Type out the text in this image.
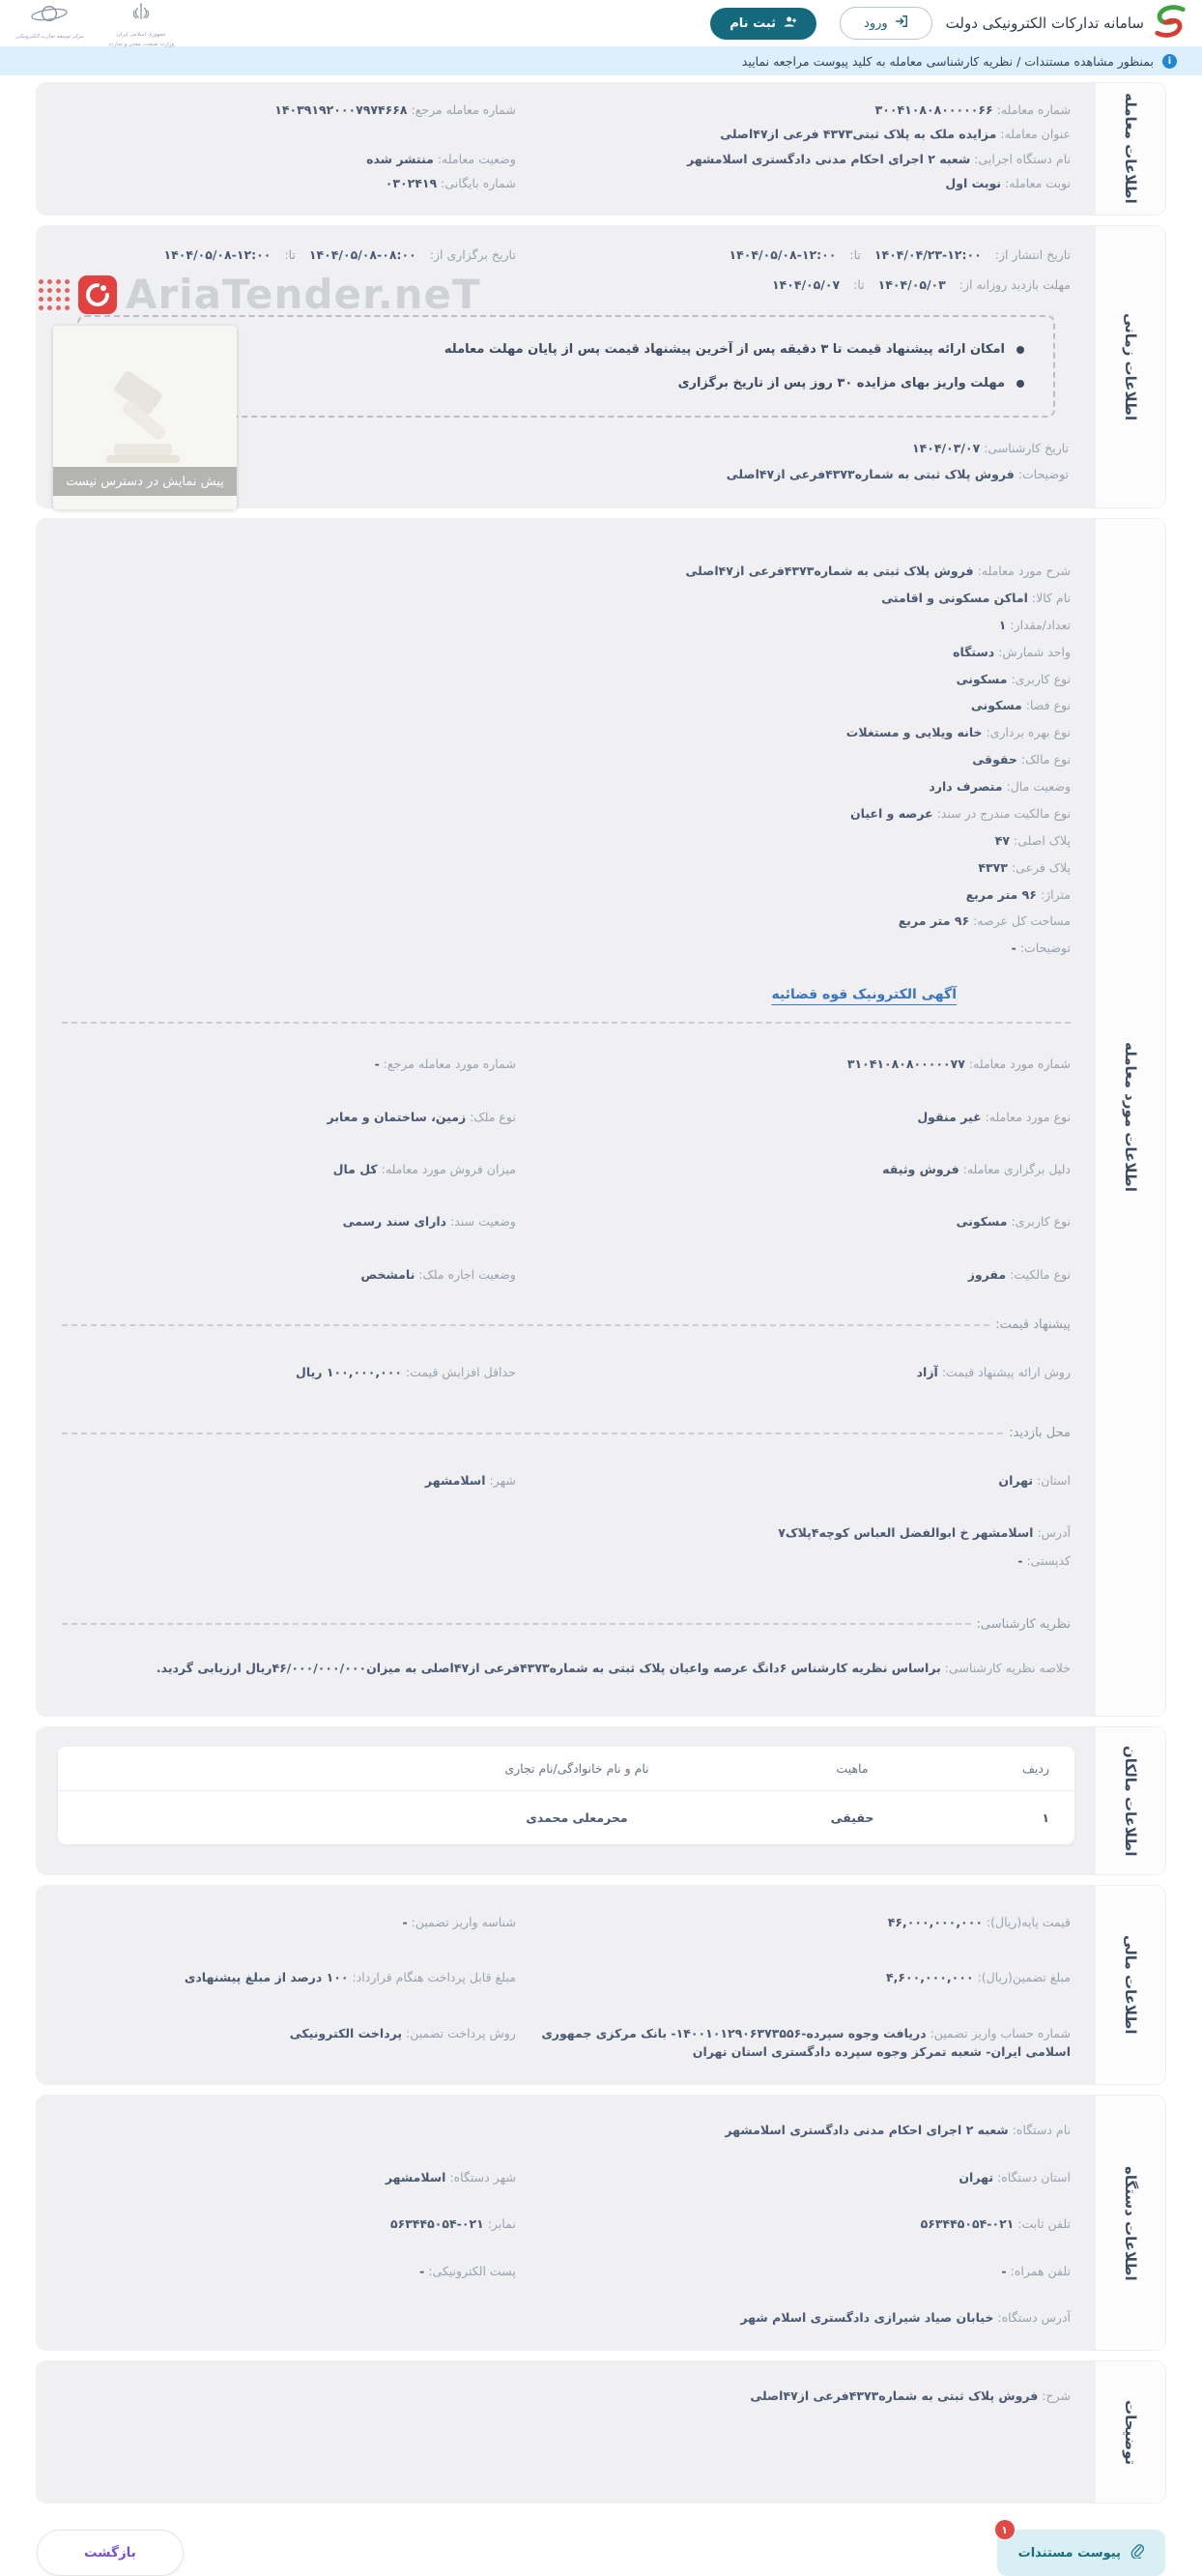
سامانه تدارکات الکترونیکی دولت
ورود
ثبت نام
جمهوری اسلامی ایران
وزارت صنعت، معدن و تجارت
مرکز توسعه تجارت الکترونیکی
i
بمنظور مشاهده مستندات / نظریه کارشناسی معامله به کلید پیوست مراجعه نمایید
اطلاعات معامله
شماره معامله: ۳۰۰۴۱۰۸۰۸۰۰۰۰۰۶۶
شماره معامله مرجع: ۱۴۰۳۹۱۹۲۰۰۰۷۹۷۴۶۶۸
عنوان معامله: مزایده ملک به پلاک ثبتی۴۳۷۳ فرعی از۴۷اصلی
نام دستگاه اجرایی: شعبه ۲ اجرای احکام مدنی دادگستری اسلامشهر
وضعیت معامله: منتشر شده
نوبت معامله: نوبت اول
شماره بایگانی: ۰۳۰۲۴۱۹
اطلاعات زمانی
تاریخ انتشار از:
۱۴۰۴/۰۴/۲۳-۱۲:۰۰
تا:
۱۴۰۴/۰۵/۰۸-۱۲:۰۰
تاریخ برگزاری از:
۱۴۰۴/۰۵/۰۸-۰۸:۰۰
تا:
۱۴۰۴/۰۵/۰۸-۱۲:۰۰
مهلت بازدید روزانه از:
۱۴۰۴/۰۵/۰۳
تا:
۱۴۰۴/۰۵/۰۷
امکان ارائه پیشنهاد قیمت تا ۳ دقیقه پس از آخرین پیشنهاد قیمت پس از پایان مهلت معامله
مهلت واریز بهای مزایده ۳۰ روز پس از تاریخ برگزاری
تاریخ کارشناسی: ۱۴۰۴/۰۳/۰۷
توضیحات: فروش پلاک ثبتی به شماره۴۳۷۳فرعی از۴۷اصلی
اطلاعات مورد معامله
شرح مورد معامله: فروش پلاک ثبتی به شماره۴۳۷۳فرعی از۴۷اصلی
نام کالا: اماکن مسکونی و اقامتی
تعداد/مقدار: ۱
واحد شمارش: دستگاه
نوع کاربری: مسکونی
نوع فضا: مسکونی
نوع بهره برداری: خانه ویلایی و مستغلات
نوع مالک: حقوقی
وضعیت مال: متصرف دارد
نوع مالکیت مندرج در سند: عرصه و اعیان
پلاک اصلی: ۴۷
پلاک فرعی: ۴۳۷۳
متراژ: ۹۶ متر مربع
مساحت کل عرصه: ۹۶ متر مربع
توضیحات: -
آگهی الکترونیک قوه قضائیه
شماره مورد معامله: ۳۱۰۴۱۰۸۰۸۰۰۰۰۰۷۷
شماره مورد معامله مرجع: -
نوع مورد معامله: غیر منقول
نوع ملک: زمین، ساختمان و معابر
دلیل برگزاری معامله: فروش وثیقه
میزان فروش مورد معامله: کل مال
نوع کاربری: مسکونی
وضعیت سند: دارای سند رسمی
نوع مالکیت: مفروز
وضعیت اجاره ملک: نامشخص
پیشنهاد قیمت:
روش ارائه پیشنهاد قیمت: آزاد
حداقل افزایش قیمت: ۱۰۰,۰۰۰,۰۰۰ ریال
محل بازدید:
استان: تهران
شهر: اسلامشهر
آدرس: اسلامشهر خ ابوالفضل العباس کوچه۴پلاک۷
کدپستی: -
نظریه کارشناسی:
خلاصه نظریه کارشناسی: براساس نظریه کارشناس ۶دانگ عرصه واعیان پلاک ثبتی به شماره۴۳۷۳فرعی از۴۷اصلی به میزان۴۶/۰۰۰/۰۰۰/۰۰۰ریال ارزیابی گردید.
اطلاعات مالکان
ردیف	ماهیت	نام و نام خانوادگی/نام تجاری	
۱	حقیقی	محرمعلی محمدی	
اطلاعات مالی
قیمت پایه(ریال): ۴۶,۰۰۰,۰۰۰,۰۰۰
شناسه واریز تضمین: -
مبلغ تضمین(ریال): ۴,۶۰۰,۰۰۰,۰۰۰
مبلغ قابل پرداخت هنگام قرارداد: ۱۰۰ درصد از مبلغ پیشنهادی
شماره حساب واریز تضمین: دریافت وجوه سپرده-۱۴۰۰۱۰۱۲۹۰۶۳۷۳۵۵۶- بانک مرکزی جمهوری اسلامی ایران- شعبه تمرکز وجوه سپرده دادگستری استان تهران
روش پرداخت تضمین: پرداخت الکترونیکی
اطلاعات دستگاه
نام دستگاه: شعبه ۲ اجرای احکام مدنی دادگستری اسلامشهر
استان دستگاه: تهران
شهر دستگاه: اسلامشهر
تلفن ثابت: ۰۲۱-۵۶۳۴۴۵۰۵۴
نمابر: ۰۲۱-۵۶۳۴۴۵۰۵۴
تلفن همراه: -
پست الکترونیکی: -
آدرس دستگاه: خیابان صیاد شیرازی دادگستری اسلام شهر
توضیحات
شرح: فروش پلاک ثبتی به شماره۴۳۷۳فرعی از۴۷اصلی
۱
پیوست مستندات
بازگشت
AriaTender.neT
پیش نمایش در دسترس نیست
